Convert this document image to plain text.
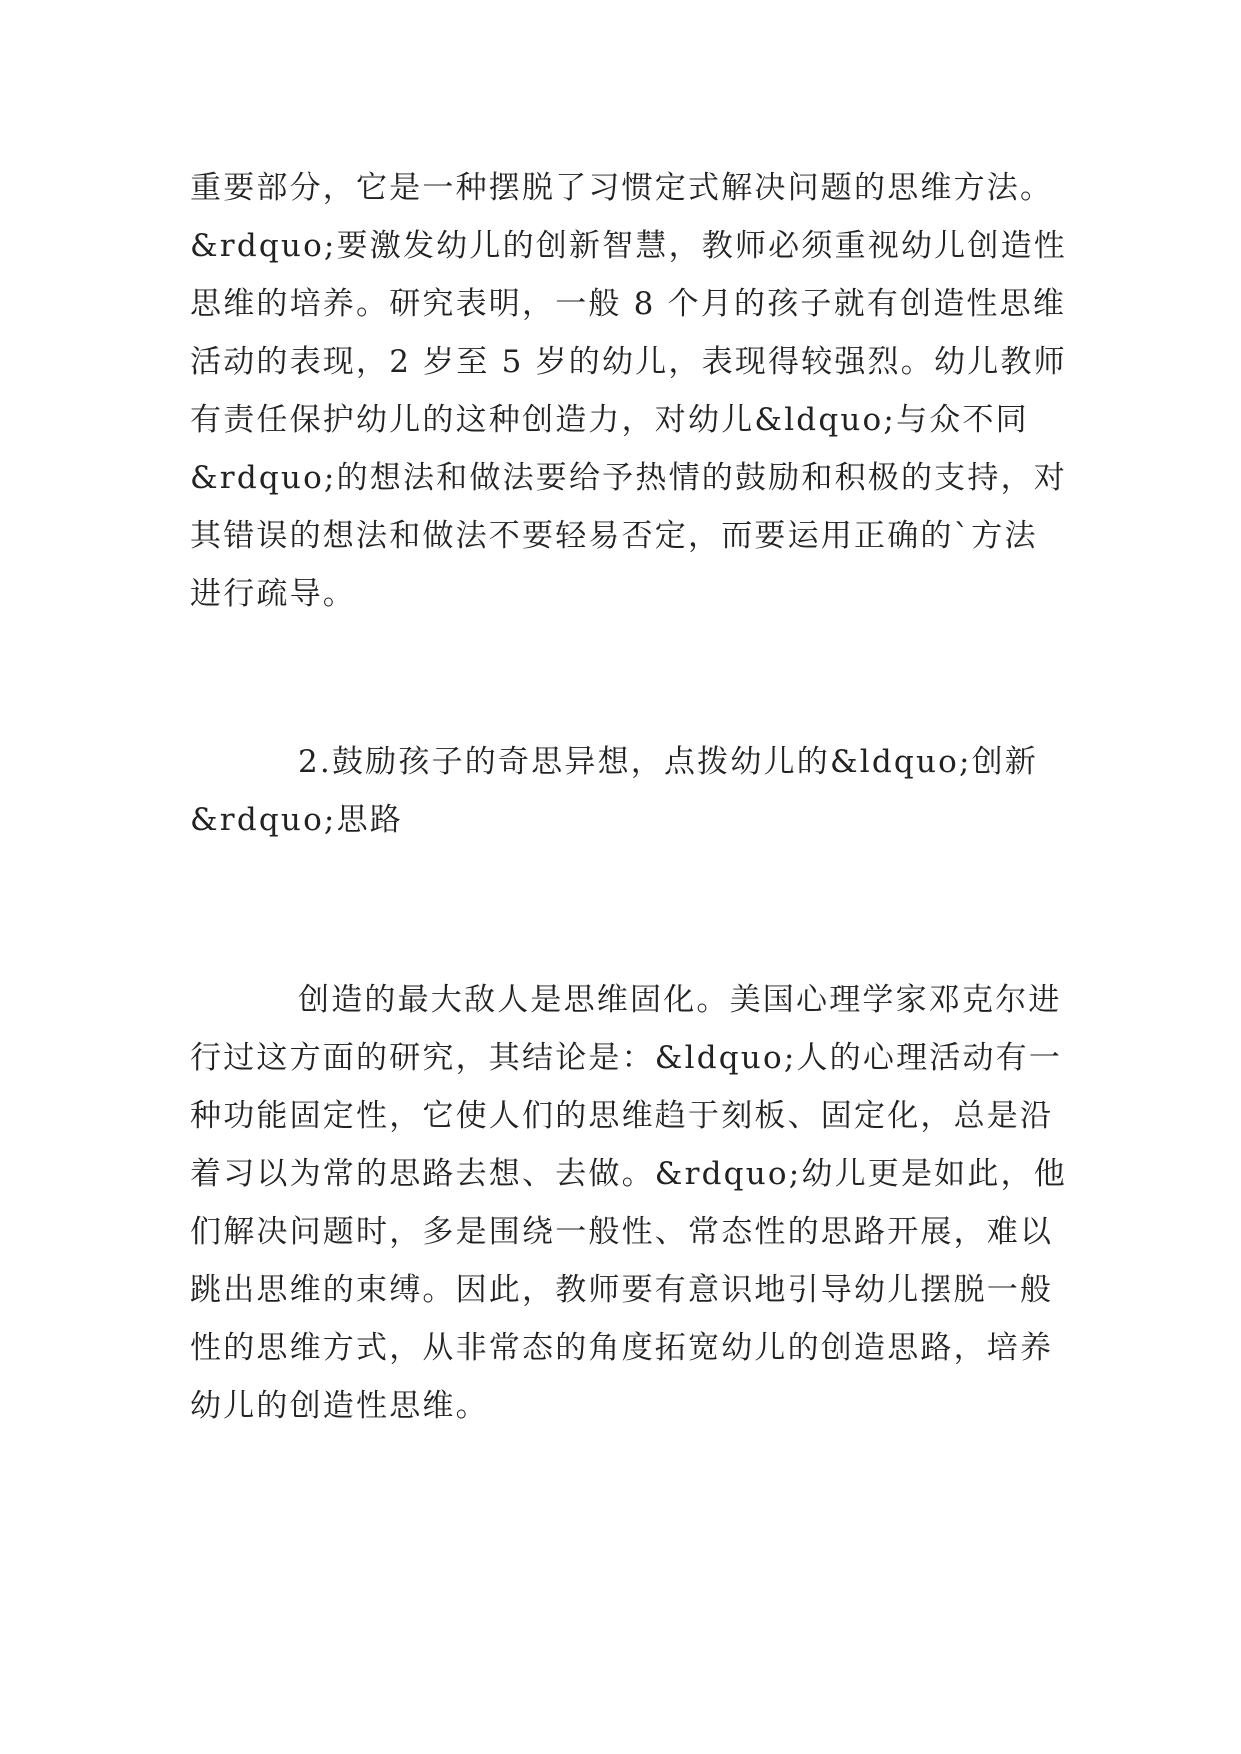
重要部分，它是一种摆脱了习惯定式解决问题的思维方法。
&rdquo;要激发幼儿的创新智慧，教师必须重视幼儿创造性
思维的培养。研究表明，一般 8 个月的孩子就有创造性思维
活动的表现，2 岁至 5 岁的幼儿，表现得较强烈。幼儿教师
有责任保护幼儿的这种创造力，对幼儿&ldquo;与众不同
&rdquo;的想法和做法要给予热情的鼓励和积极的支持，对
其错误的想法和做法不要轻易否定，而要运用正确的`方法
进行疏导。
2.鼓励孩子的奇思异想，点拨幼儿的&ldquo;创新
&rdquo;思路
创造的最大敌人是思维固化。美国心理学家邓克尔进
行过这方面的研究，其结论是：&ldquo;人的心理活动有一
种功能固定性，它使人们的思维趋于刻板、固定化，总是沿
着习以为常的思路去想、去做。&rdquo;幼儿更是如此，他
们解决问题时，多是围绕一般性、常态性的思路开展，难以
跳出思维的束缚。因此，教师要有意识地引导幼儿摆脱一般
性的思维方式，从非常态的角度拓宽幼儿的创造思路，培养
幼儿的创造性思维。
